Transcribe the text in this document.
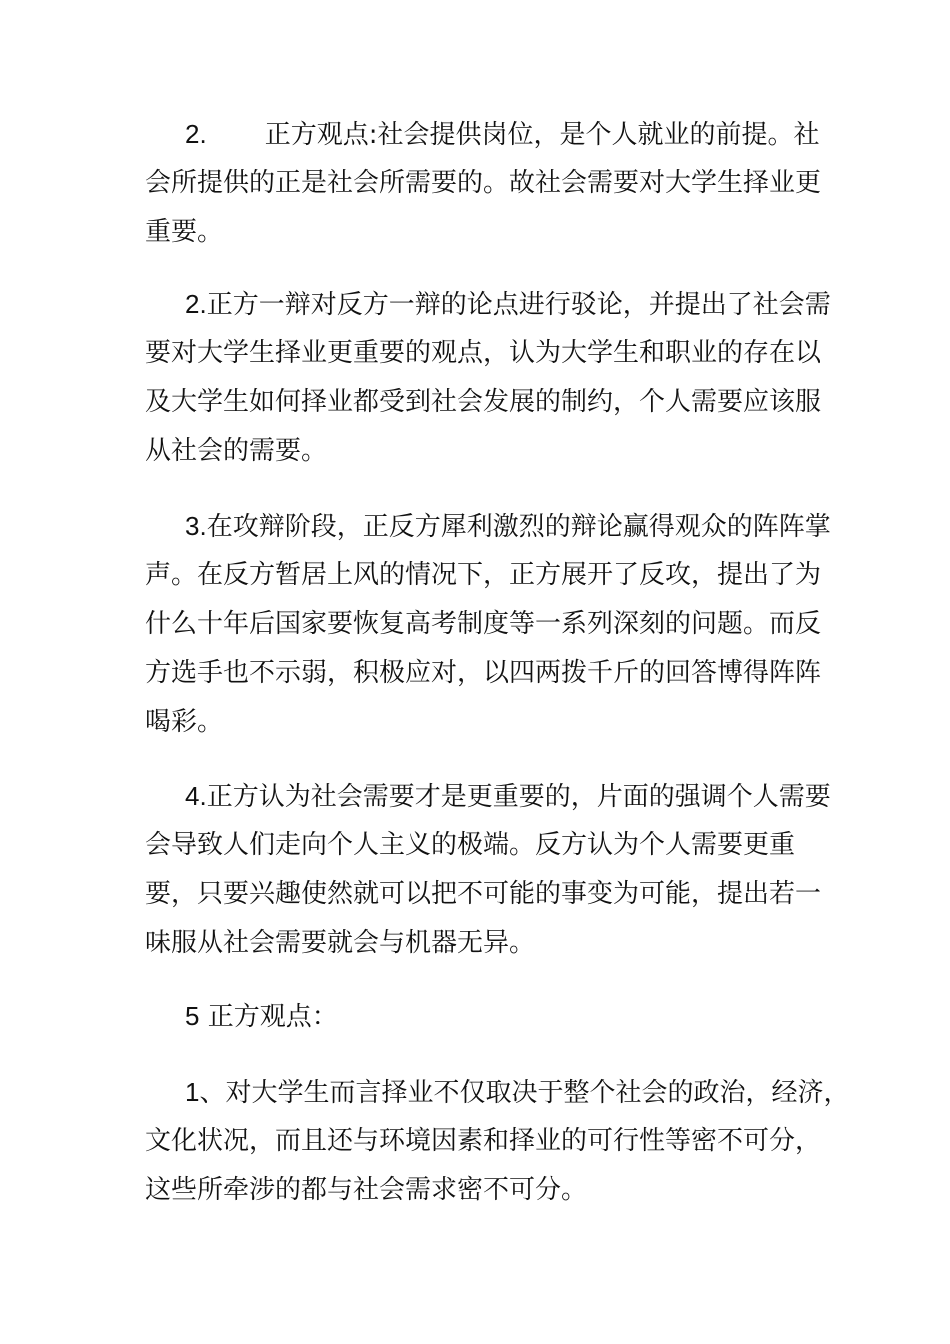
2. 正方观点:社会提供岗位，是个人就业的前提。社
会所提供的正是社会所需要的。故社会需要对大学生择业更
重要。
2.正方一辩对反方一辩的论点进行驳论，并提出了社会需
要对大学生择业更重要的观点，认为大学生和职业的存在以
及大学生如何择业都受到社会发展的制约，个人需要应该服
从社会的需要。
3.在攻辩阶段，正反方犀利激烈的辩论赢得观众的阵阵掌
声。在反方暂居上风的情况下，正方展开了反攻，提出了为
什么十年后国家要恢复高考制度等一系列深刻的问题。而反
方选手也不示弱，积极应对，以四两拨千斤的回答博得阵阵
喝彩。
4.正方认为社会需要才是更重要的，片面的强调个人需要
会导致人们走向个人主义的极端。反方认为个人需要更重
要，只要兴趣使然就可以把不可能的事变为可能，提出若一
味服从社会需要就会与机器无异。
5 正方观点：
1、对大学生而言择业不仅取决于整个社会的政治，经济，
文化状况，而且还与环境因素和择业的可行性等密不可分，
这些所牵涉的都与社会需求密不可分。
